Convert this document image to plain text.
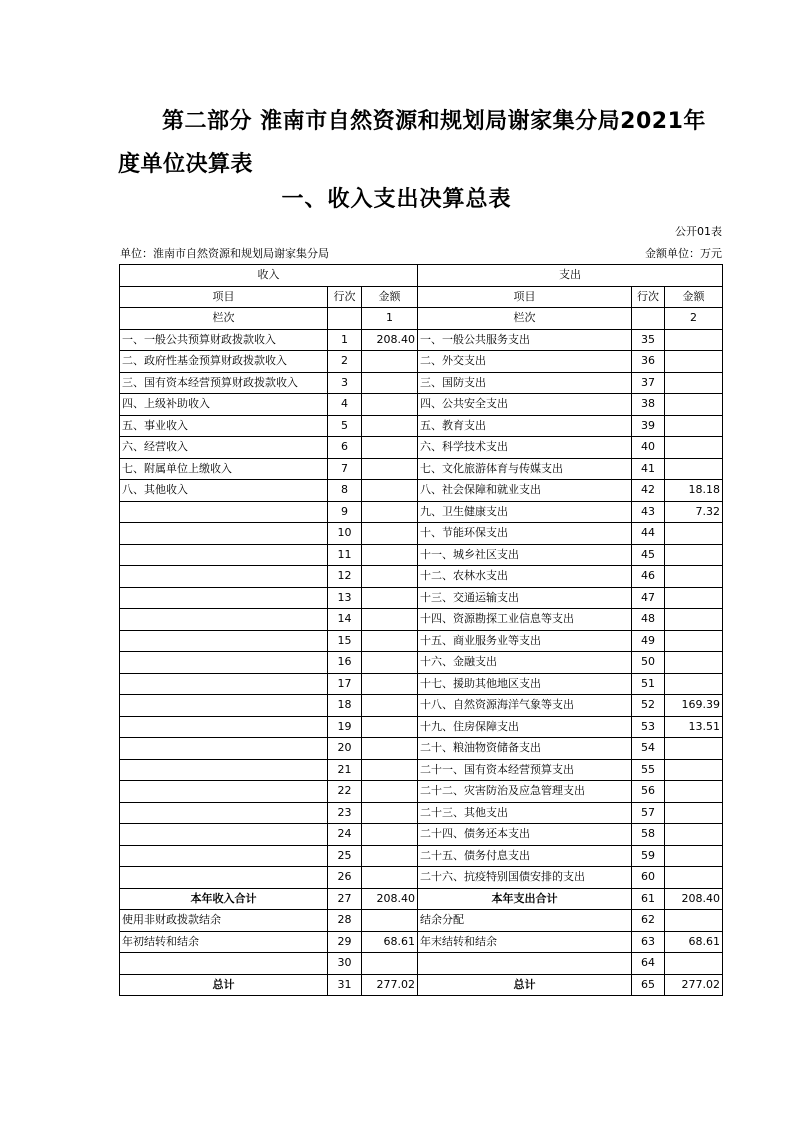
第二部分 淮南市自然资源和规划局谢家集分局2021年
度单位决算表
一、收入支出决算总表
公开01表
单位：淮南市自然资源和规划局谢家集分局	金额单位：万元
收入			支出		
项目	行次	金额	项目	行次	金额
栏次		1	栏次		2
一、一般公共预算财政拨款收入	1	208.40	一、一般公共服务支出	35	
二、政府性基金预算财政拨款收入	2		二、外交支出	36	
三、国有资本经营预算财政拨款收入	3		三、国防支出	37	
四、上级补助收入	4		四、公共安全支出	38	
五、事业收入	5		五、教育支出	39	
六、经营收入	6		六、科学技术支出	40	
七、附属单位上缴收入	7		七、文化旅游体育与传媒支出	41	
八、其他收入	8		八、社会保障和就业支出	42	18.18
	9		九、卫生健康支出	43	7.32
	10		十、节能环保支出	44	
	11		十一、城乡社区支出	45	
	12		十二、农林水支出	46	
	13		十三、交通运输支出	47	
	14		十四、资源勘探工业信息等支出	48	
	15		十五、商业服务业等支出	49	
	16		十六、金融支出	50	
	17		十七、援助其他地区支出	51	
	18		十八、自然资源海洋气象等支出	52	169.39
	19		十九、住房保障支出	53	13.51
	20		二十、粮油物资储备支出	54	
	21		二十一、国有资本经营预算支出	55	
	22		二十二、灾害防治及应急管理支出	56	
	23		二十三、其他支出	57	
	24		二十四、债务还本支出	58	
	25		二十五、债务付息支出	59	
	26		二十六、抗疫特别国债安排的支出	60	
本年收入合计	27	208.40	本年支出合计	61	208.40
使用非财政拨款结余	28		结余分配	62	
年初结转和结余	29	68.61	年末结转和结余	63	68.61
	30			64	
总计	31	277.02	总计	65	277.02
